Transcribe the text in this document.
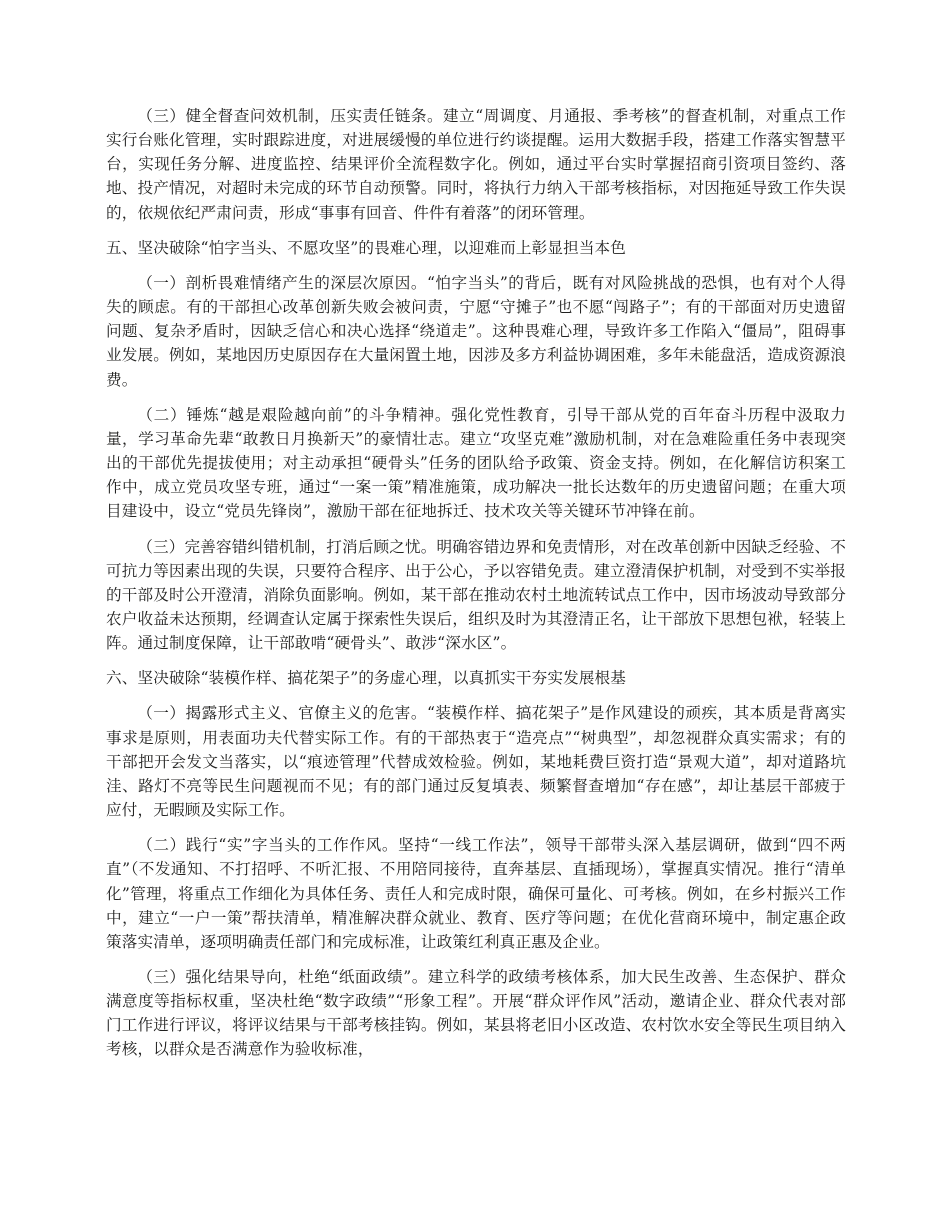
（三）健全督查问效机制，压实责任链条。建立“周调度、月通报、季考核”的督查机制，对重点工作实行台账化管理，实时跟踪进度，对进展缓慢的单位进行约谈提醒。运用大数据手段，搭建工作落实智慧平台，实现任务分解、进度监控、结果评价全流程数字化。例如，通过平台实时掌握招商引资项目签约、落地、投产情况，对超时未完成的环节自动预警。同时，将执行力纳入干部考核指标，对因拖延导致工作失误的，依规依纪严肃问责，形成“事事有回音、件件有着落”的闭环管理。

五、坚决破除“怕字当头、不愿攻坚”的畏难心理，以迎难而上彰显担当本色

（一）剖析畏难情绪产生的深层次原因。“怕字当头”的背后，既有对风险挑战的恐惧，也有对个人得失的顾虑。有的干部担心改革创新失败会被问责，宁愿“守摊子”也不愿“闯路子”；有的干部面对历史遗留问题、复杂矛盾时，因缺乏信心和决心选择“绕道走”。这种畏难心理，导致许多工作陷入“僵局”，阻碍事业发展。例如，某地因历史原因存在大量闲置土地，因涉及多方利益协调困难，多年未能盘活，造成资源浪费。

（二）锤炼“越是艰险越向前”的斗争精神。强化党性教育，引导干部从党的百年奋斗历程中汲取力量，学习革命先辈“敢教日月换新天”的豪情壮志。建立“攻坚克难”激励机制，对在急难险重任务中表现突出的干部优先提拔使用；对主动承担“硬骨头”任务的团队给予政策、资金支持。例如，在化解信访积案工作中，成立党员攻坚专班，通过“一案一策”精准施策，成功解决一批长达数年的历史遗留问题；在重大项目建设中，设立“党员先锋岗”，激励干部在征地拆迁、技术攻关等关键环节冲锋在前。

（三）完善容错纠错机制，打消后顾之忧。明确容错边界和免责情形，对在改革创新中因缺乏经验、不可抗力等因素出现的失误，只要符合程序、出于公心，予以容错免责。建立澄清保护机制，对受到不实举报的干部及时公开澄清，消除负面影响。例如，某干部在推动农村土地流转试点工作中，因市场波动导致部分农户收益未达预期，经调查认定属于探索性失误后，组织及时为其澄清正名，让干部放下思想包袱，轻装上阵。通过制度保障，让干部敢啃“硬骨头”、敢涉“深水区”。

六、坚决破除“装模作样、搞花架子”的务虚心理，以真抓实干夯实发展根基

（一）揭露形式主义、官僚主义的危害。“装模作样、搞花架子”是作风建设的顽疾，其本质是背离实事求是原则，用表面功夫代替实际工作。有的干部热衷于“造亮点”“树典型”，却忽视群众真实需求；有的干部把开会发文当落实，以“痕迹管理”代替成效检验。例如，某地耗费巨资打造“景观大道”，却对道路坑洼、路灯不亮等民生问题视而不见；有的部门通过反复填表、频繁督查增加“存在感”，却让基层干部疲于应付，无暇顾及实际工作。

（二）践行“实”字当头的工作作风。坚持“一线工作法”，领导干部带头深入基层调研，做到“四不两直”（不发通知、不打招呼、不听汇报、不用陪同接待，直奔基层、直插现场），掌握真实情况。推行“清单化”管理，将重点工作细化为具体任务、责任人和完成时限，确保可量化、可考核。例如，在乡村振兴工作中，建立“一户一策”帮扶清单，精准解决群众就业、教育、医疗等问题；在优化营商环境中，制定惠企政策落实清单，逐项明确责任部门和完成标准，让政策红利真正惠及企业。

（三）强化结果导向，杜绝“纸面政绩”。建立科学的政绩考核体系，加大民生改善、生态保护、群众满意度等指标权重，坚决杜绝“数字政绩”“形象工程”。开展“群众评作风”活动，邀请企业、群众代表对部门工作进行评议，将评议结果与干部考核挂钩。例如，某县将老旧小区改造、农村饮水安全等民生项目纳入考核，以群众是否满意作为验收标准，
